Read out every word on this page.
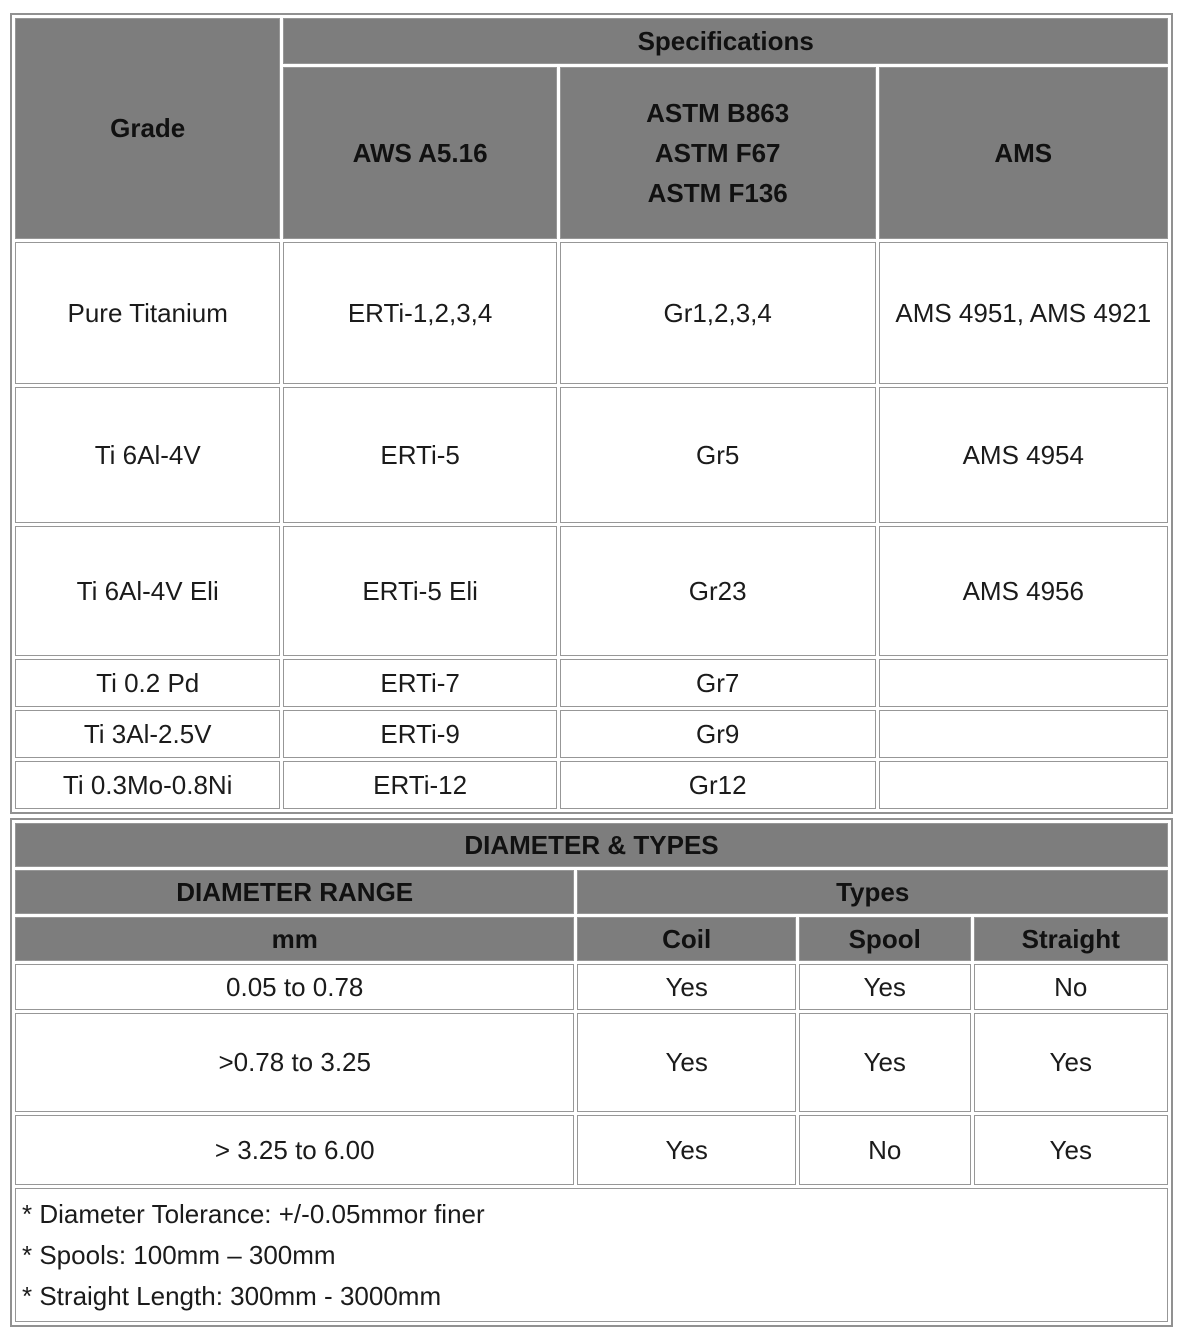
Grade	Specifications		
	AWS A5.16	ASTM B863
ASTM F67
ASTM F136	AMS
Pure Titanium	ERTi-1,2,3,4	Gr1,2,3,4	AMS 4951, AMS 4921
Ti 6Al-4V	ERTi-5	Gr5	AMS 4954
Ti 6Al-4V Eli	ERTi-5 Eli	Gr23	AMS 4956
Ti 0.2 Pd	ERTi-7	Gr7	
Ti 3Al-2.5V	ERTi-9	Gr9	
Ti 0.3Mo-0.8Ni	ERTi-12	Gr12	
DIAMETER & TYPES			
DIAMETER RANGE	Types		
mm	Coil	Spool	Straight
0.05 to 0.78	Yes	Yes	No
>0.78 to 3.25	Yes	Yes	Yes
> 3.25 to 6.00	Yes	No	Yes

* Diameter Tolerance: +/-0.05mmor finer
* Spools: 100mm – 300mm
* Straight Length: 300mm - 3000mm			
